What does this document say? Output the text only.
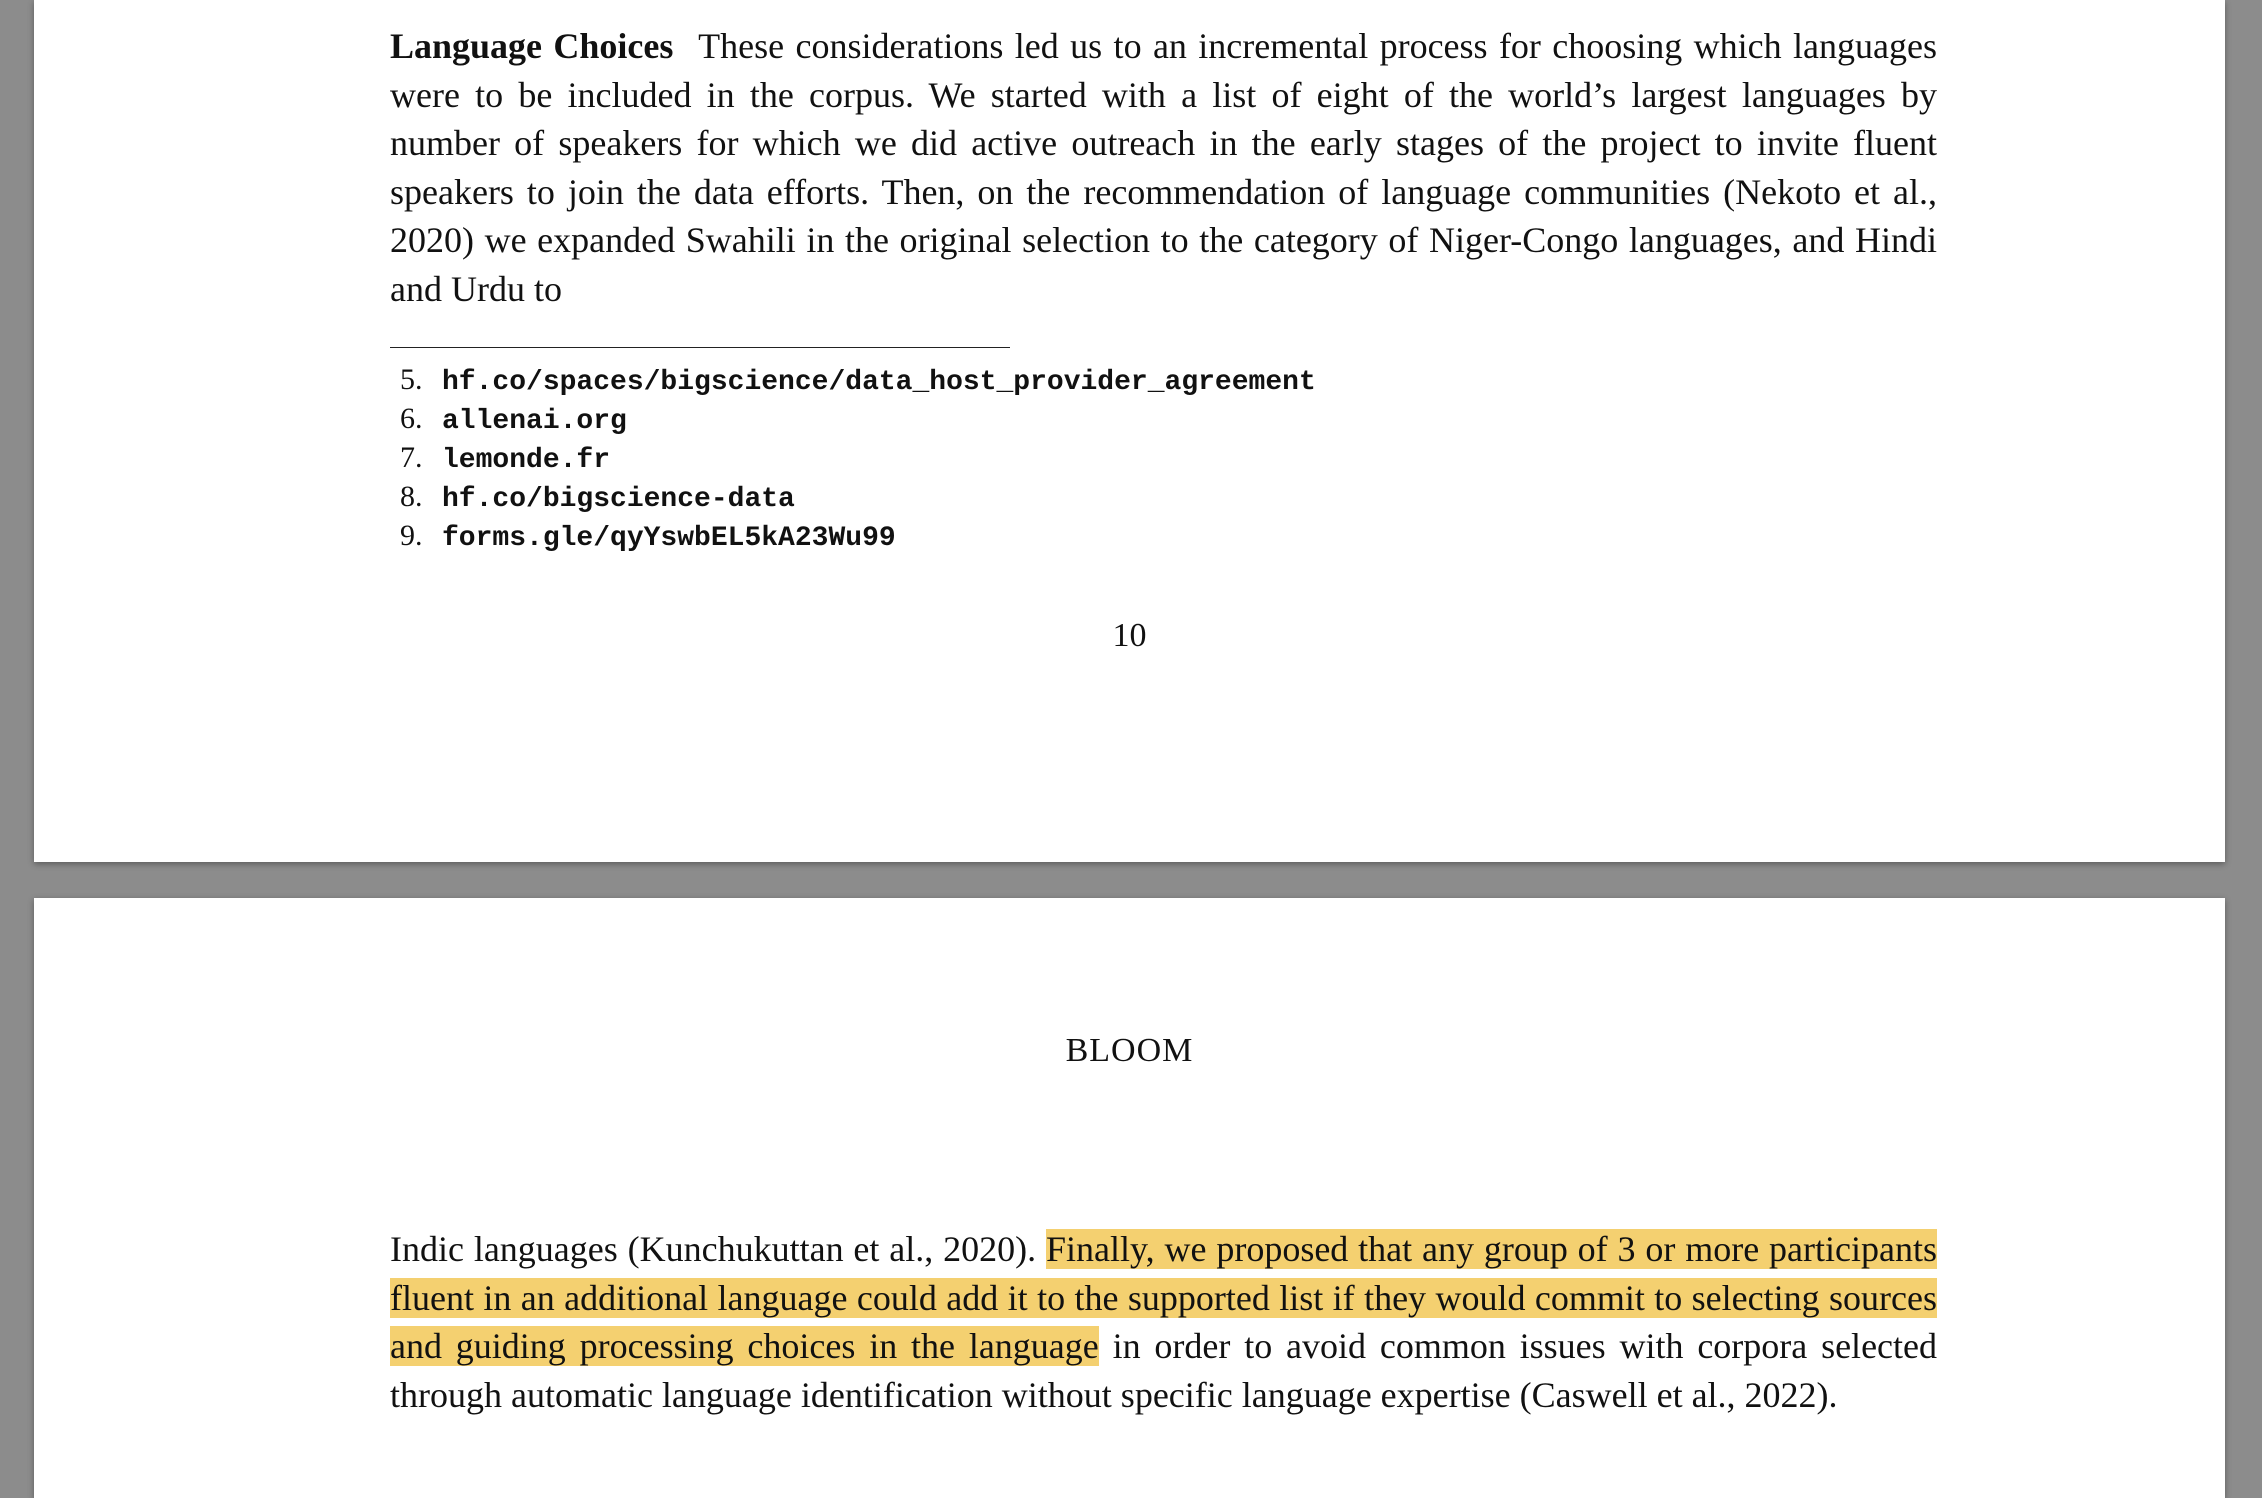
Language Choices These considerations led us to an incremental process for choosing which languages were to be included in the corpus. We started with a list of eight of the world’s largest languages by number of speakers for which we did active outreach in the early stages of the project to invite fluent speakers to join the data efforts. Then, on the recommendation of language communities (Nekoto et al., 2020) we expanded Swahili in the original selection to the category of Niger-Congo languages, and Hindi and Urdu to

5. hf.co/spaces/bigscience/data_host_provider_agreement
6. allenai.org
7. lemonde.fr
8. hf.co/bigscience-data
9. forms.gle/qyYswbEL5kA23Wu99
10
BLOOM

Indic languages (Kunchukuttan et al., 2020). Finally, we proposed that any group of 3 or more participants fluent in an additional language could add it to the supported list if they would commit to selecting sources and guiding processing choices in the language in order to avoid common issues with corpora selected through automatic language identification without specific language expertise (Caswell et al., 2022).
